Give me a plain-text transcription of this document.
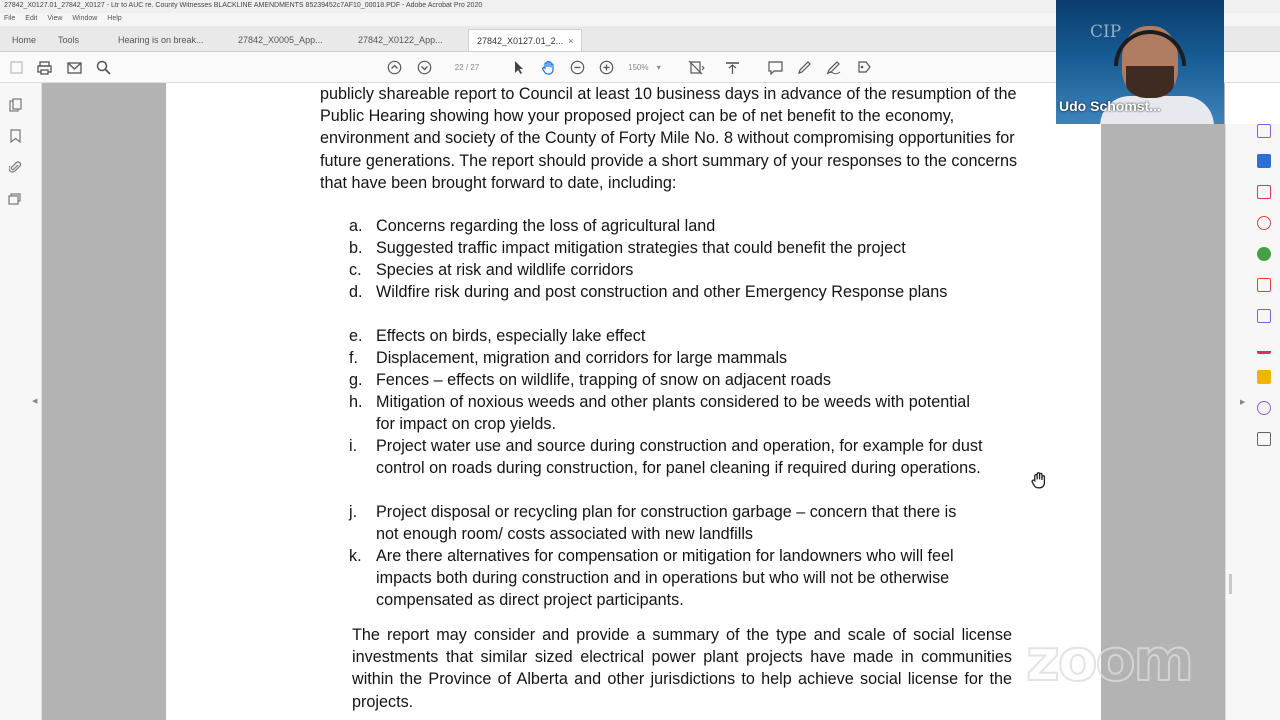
27842_X0127.01_27842_X0127 - Ltr to AUC re. County Witnesses BLACKLINE AMENDMENTS 85239452c7AF10_00018.PDF - Adobe Acrobat Pro 2020
File Edit View Window Help
Home	Tools	Hearing is on break...	27842_X0005_App...	27842_X0122_App...	27842_X0127.01_2... ×
22 / 27	150% ▾
◀
publicly shareable report to Council at least 10 business days in advance of the resumption of the Public Hearing showing how your proposed project can be of net benefit to the economy, environment and society of the County of Forty Mile No. 8 without compromising opportunities for future generations. The report should provide a short summary of your responses to the concerns that have been brought forward to date, including:
a. Concerns regarding the loss of agricultural land
b. Suggested traffic impact mitigation strategies that could benefit the project
c. Species at risk and wildlife corridors
d. Wildfire risk during and post construction and other Emergency Response plans
e. Effects on birds, especially lake effect
f.	Displacement, migration and corridors for large mammals
g. Fences – effects on wildlife, trapping of snow on adjacent roads
h. Mitigation of noxious weeds and other plants considered to be weeds with potential for impact on crop yields.
i.	Project water use and source during construction and operation, for example for dust control on roads during construction, for panel cleaning if required during operations.
j.	Project disposal or recycling plan for construction garbage – concern that there is not enough room/ costs associated with new landfills
k. Are there alternatives for compensation or mitigation for landowners who will feel impacts both during construction and in operations but who will not be otherwise compensated as direct project participants.
The report may consider and provide a summary of the type and scale of social license investments that similar sized electrical power plant projects have made in communities within the Province of Alberta and other jurisdictions to help achieve social license for the projects.
▶
CIP
Udo Schomst...
zoom
